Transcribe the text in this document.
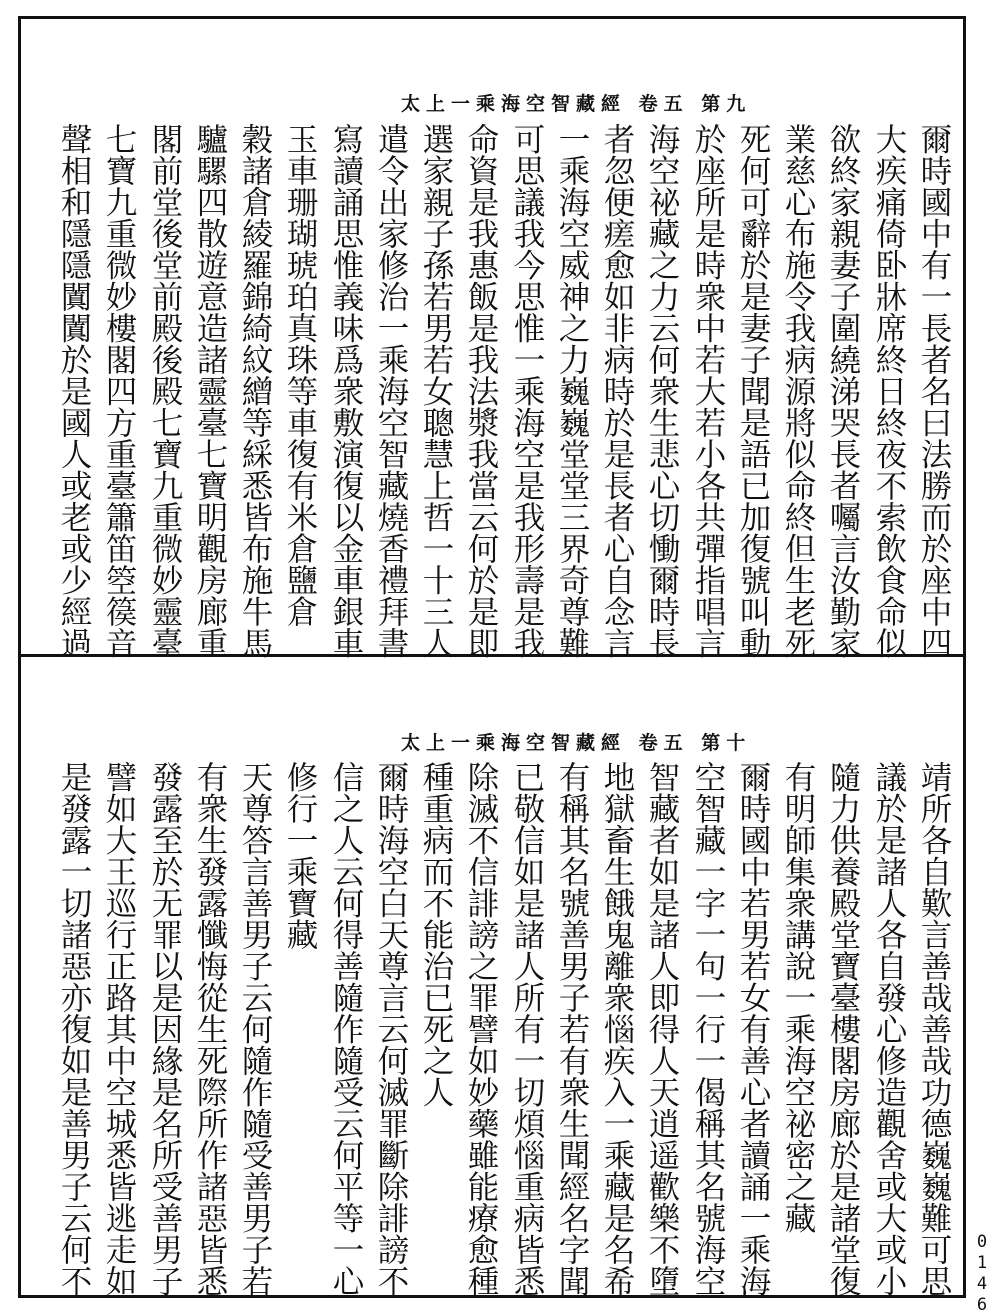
太上一乘海空智藏經 卷五 第九
爾時國中有一長者名曰法勝而於座中四
大疾痛倚卧牀席終日終夜不索飲食命似
欲終家親妻子圍繞涕哭長者囑言汝勤家
業慈心布施令我病源將似命終但生老死
死何可辭於是妻子聞是語已加復號叫動
於座所是時衆中若大若小各共彈指唱言
海空祕藏之力云何衆生悲心切慟爾時長
者忽便瘥愈如非病時於是長者心自念言
一乘海空威神之力巍巍堂堂三界奇尊難
可思議我今思惟一乘海空是我形壽是我
命資是我惠飯是我法漿我當云何於是即
選家親子孫若男若女聰慧上哲一十三人
遣令出家修治一乘海空智藏燒香禮拜書
寫讀誦思惟義味爲衆敷演復以金車銀車
玉車珊瑚琥珀真珠等車復有米倉鹽倉
穀諸倉綾羅錦綺紋繒等綵悉皆布施牛馬
驢騾四散遊意造諸靈臺七寶明觀房廊重
閣前堂後堂前殿後殿七寶九重微妙靈臺
七寶九重微妙樓閣四方重臺簫笛箜篌音
聲相和隱隱闐闐於是國人或老或少經過
太上一乘海空智藏經 卷五 第十
靖所各自歎言善哉善哉功德巍巍難可思
議於是諸人各自發心修造觀舍或大或小
隨力供養殿堂寶臺樓閣房廊於是諸堂復
有明師集衆講說一乘海空祕密之藏
爾時國中若男若女有善心者讀誦一乘海
空智藏一字一句一行一偈稱其名號海空
智藏者如是諸人即得人天逍遥歡樂不墮
地獄畜生餓鬼離衆惱疾入一乘藏是名希
有稱其名號善男子若有衆生聞經名字聞
已敬信如是諸人所有一切煩惱重病皆悉
除滅不信誹謗之罪譬如妙藥雖能療愈種
種重病而不能治已死之人
爾時海空白天尊言云何滅罪斷除誹謗不
信之人云何得善隨作隨受云何平等一心
修行一乘寶藏
天尊答言善男子云何隨作隨受善男子若
有衆生發露懺悔從生死際所作諸惡皆悉
發露至於无罪以是因緣是名所受善男子
譬如大王巡行正路其中空城悉皆逃走如
是發露一切諸惡亦復如是善男子云何不	0146
